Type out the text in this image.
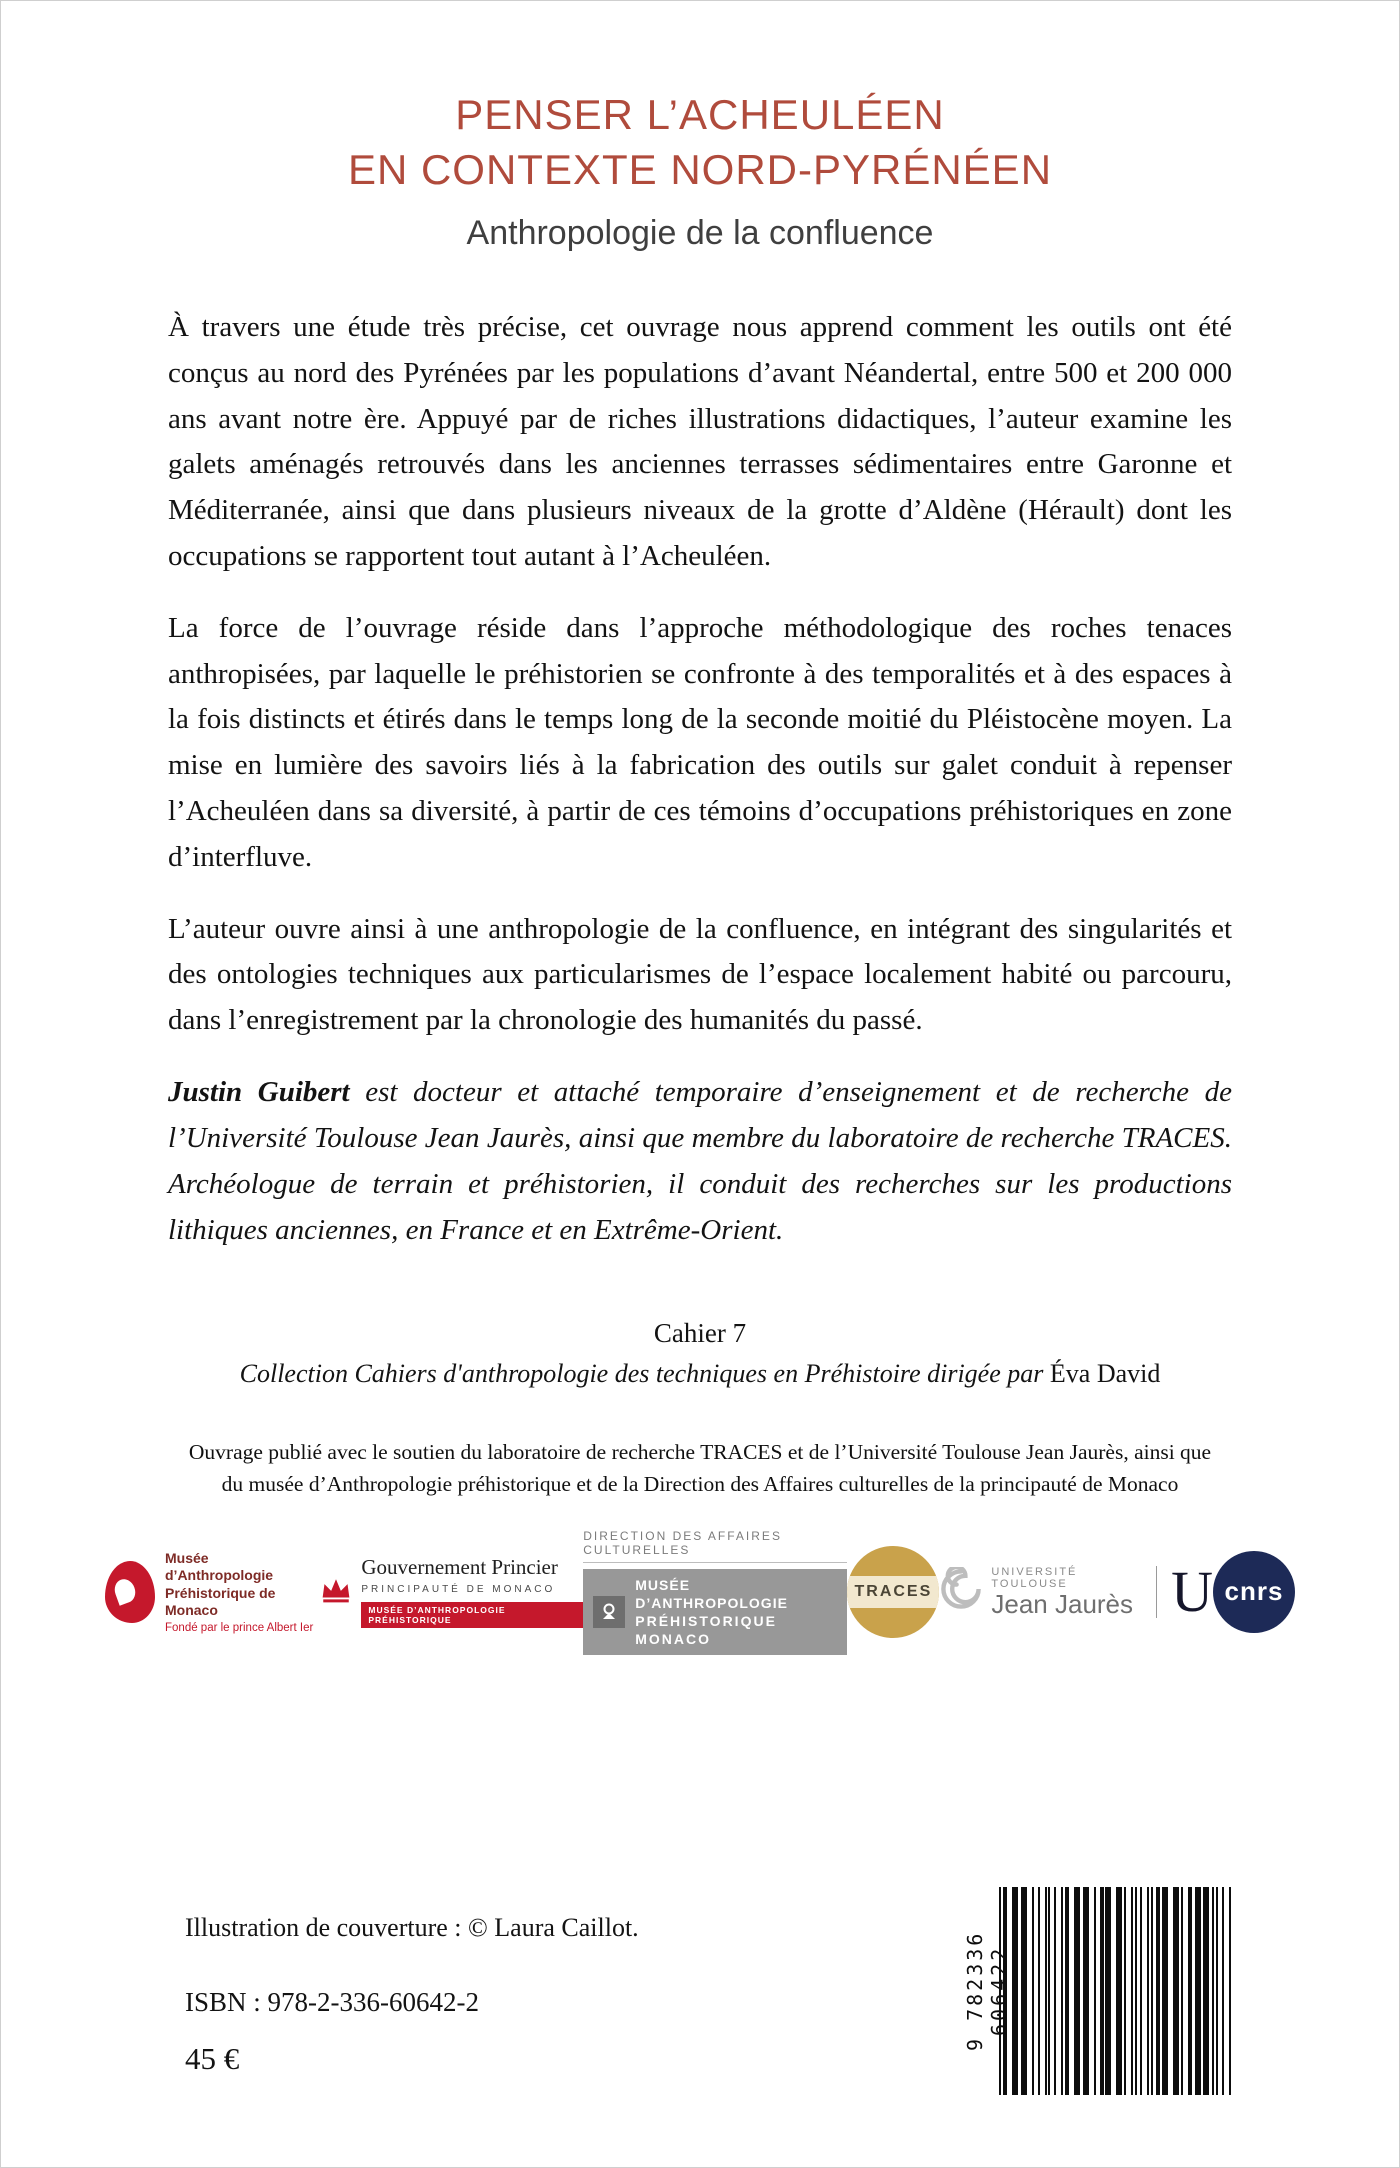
PENSER L’ACHEULÉEN
EN CONTEXTE NORD-PYRÉNÉEN
Anthropologie de la confluence

À travers une étude très précise, cet ouvrage nous apprend comment les outils ont été conçus au nord des Pyrénées par les populations d’avant Néandertal, entre 500 et 200 000 ans avant notre ère. Appuyé par de riches illustrations didactiques, l’auteur examine les galets aménagés retrouvés dans les anciennes terrasses sédimentaires entre Garonne et Méditerranée, ainsi que dans plusieurs niveaux de la grotte d’Aldène (Hérault) dont les occupations se rapportent tout autant à l’Acheuléen.

La force de l’ouvrage réside dans l’approche méthodologique des roches tenaces anthropisées, par laquelle le préhistorien se confronte à des temporalités et à des espaces à la fois distincts et étirés dans le temps long de la seconde moitié du Pléistocène moyen. La mise en lumière des savoirs liés à la fabrication des outils sur galet conduit à repenser l’Acheuléen dans sa diversité, à partir de ces témoins d’occupations préhistoriques en zone d’interfluve.

L’auteur ouvre ainsi à une anthropologie de la confluence, en intégrant des singularités et des ontologies techniques aux particularismes de l’espace localement habité ou parcouru, dans l’enregistrement par la chronologie des humanités du passé.

Justin Guibert est docteur et attaché temporaire d’enseignement et de recherche de l’Université Toulouse Jean Jaurès, ainsi que membre du laboratoire de recherche TRACES. Archéologue de terrain et préhistorien, il conduit des recherches sur les productions lithiques anciennes, en France et en Extrême-Orient.

Cahier 7
Collection Cahiers d'anthropologie des techniques en Préhistoire dirigée par Éva David
Ouvrage publié avec le soutien du laboratoire de recherche TRACES et de l’Université Toulouse Jean Jaurès, ainsi que
du musée d’Anthropologie préhistorique et de la Direction des Affaires culturelles de la principauté de Monaco
Musée d’Anthropologie
Préhistorique de Monaco
Fondé par le prince Albert Ier
Gouvernement Princier
PRINCIPAUTÉ DE MONACO
MUSÉE D’ANTHROPOLOGIE PRÉHISTORIQUE
DIRECTION DES AFFAIRES CULTURELLES
MUSÉE D’ANTHROPOLOGIE
PRÉHISTORIQUE MONACO
TRACES
UNIVERSITÉ TOULOUSE
Jean Jaurès U cnrs
Illustration de couverture : © Laura Caillot.
ISBN : 978-2-336-60642-2
45 €
9 782336 606422
